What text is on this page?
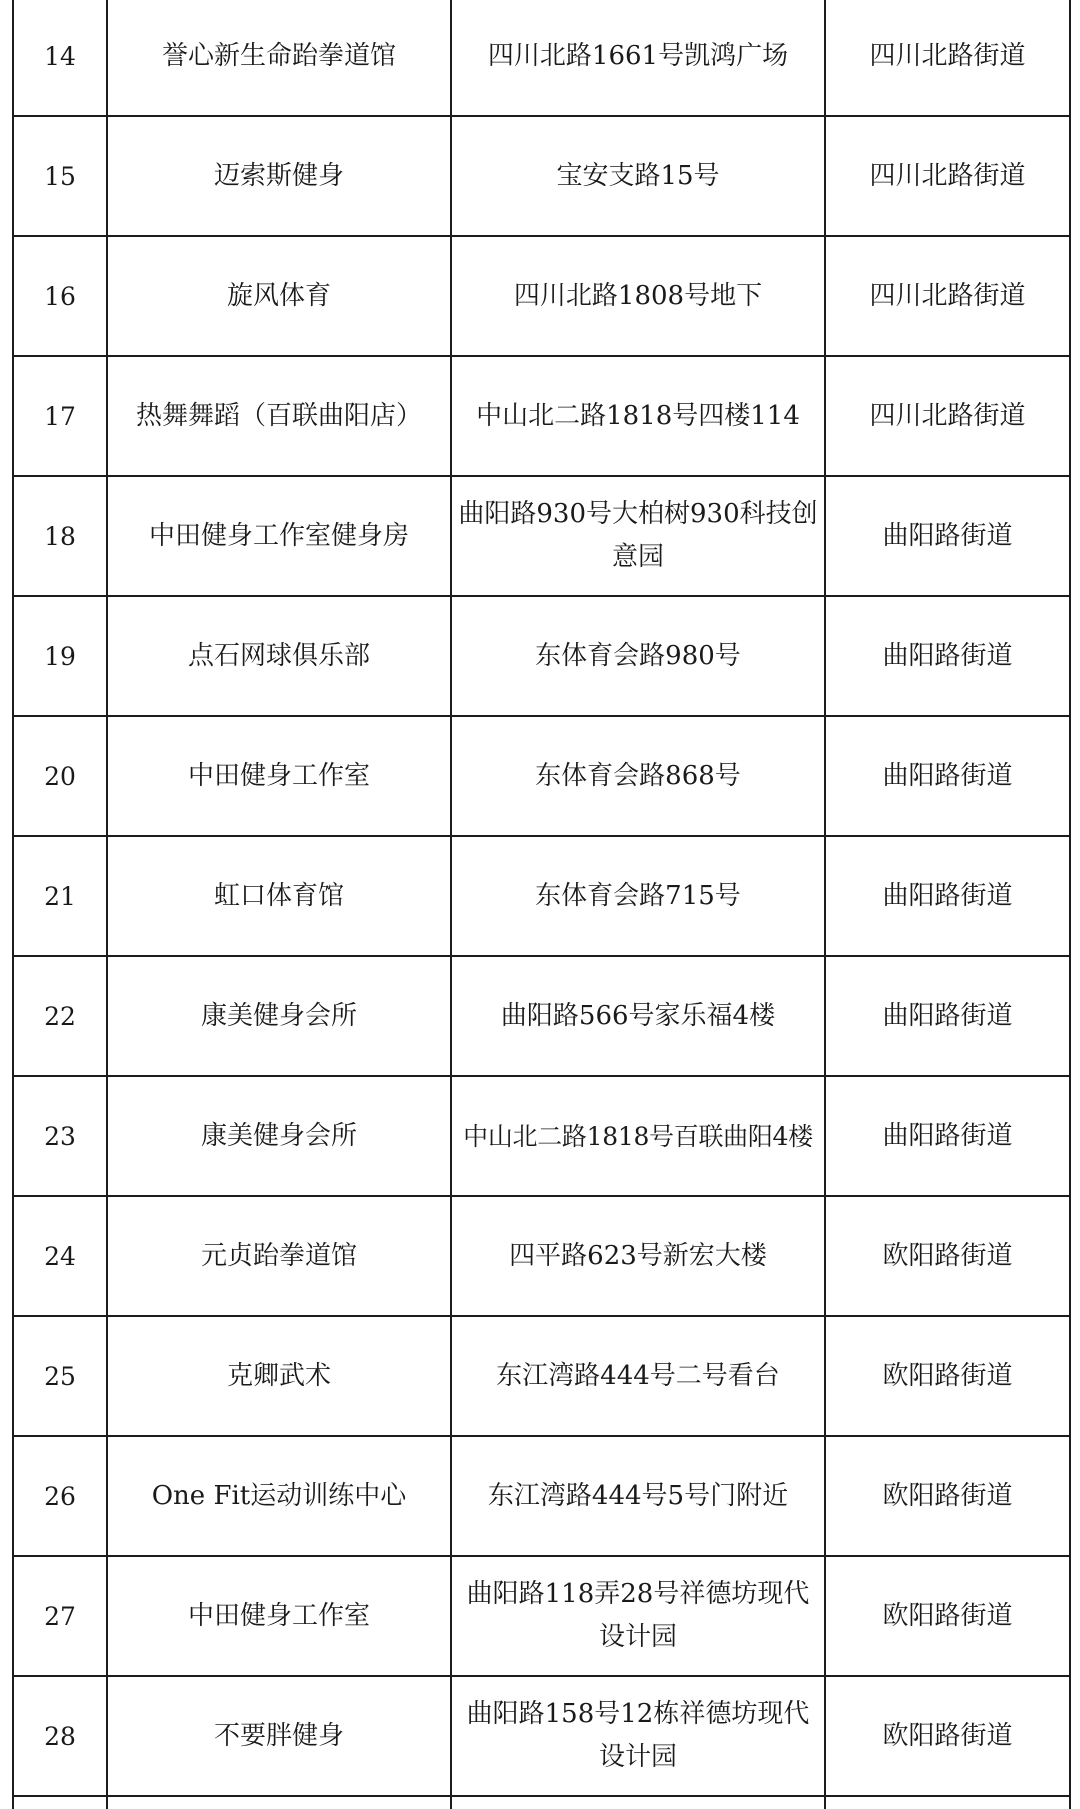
14	誉心新生命跆拳道馆	四川北路1661号凯鸿广场	四川北路街道
15	迈索斯健身	宝安支路15号	四川北路街道
16	旋风体育	四川北路1808号地下	四川北路街道
17	热舞舞蹈（百联曲阳店）	中山北二路1818号四楼114	四川北路街道
18	中田健身工作室健身房	曲阳路930号大柏树930科技创意园	曲阳路街道
19	点石网球俱乐部	东体育会路980号	曲阳路街道
20	中田健身工作室	东体育会路868号	曲阳路街道
21	虹口体育馆	东体育会路715号	曲阳路街道
22	康美健身会所	曲阳路566号家乐福4楼	曲阳路街道
23	康美健身会所	中山北二路1818号百联曲阳4楼	曲阳路街道
24	元贞跆拳道馆	四平路623号新宏大楼	欧阳路街道
25	克卿武术	东江湾路444号二号看台	欧阳路街道
26	One Fit运动训练中心	东江湾路444号5号门附近	欧阳路街道
27	中田健身工作室	曲阳路118弄28号祥德坊现代设计园	欧阳路街道
28	不要胖健身	曲阳路158号12栋祥德坊现代设计园	欧阳路街道
